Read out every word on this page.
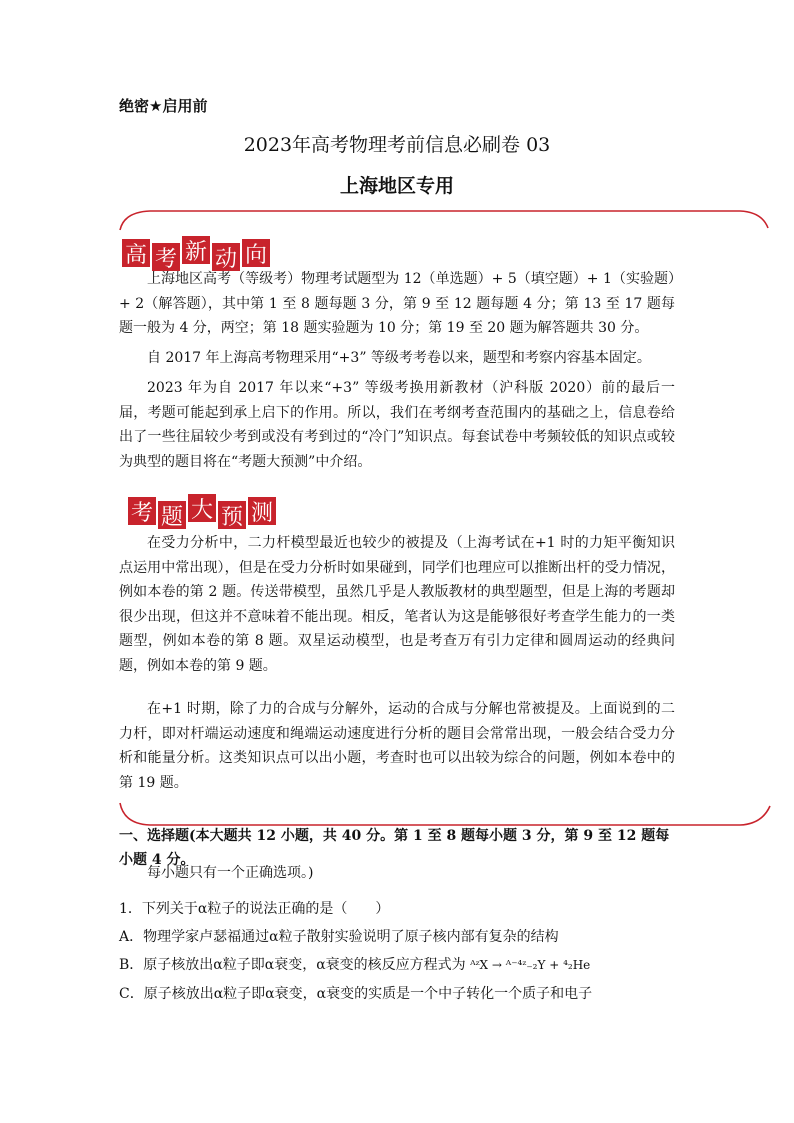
绝密★启用前
2023年高考物理考前信息必刷卷 03
上海地区专用
高 考 新 动 向

上海地区高考（等级考）物理考试题型为 12（单选题）+ 5（填空题）+ 1（实验题）+ 2（解答题），其中第 1 至 8 题每题 3 分，第 9 至 12 题每题 4 分；第 13 至 17 题每题一般为 4 分，两空；第 18 题实验题为 10 分；第 19 至 20 题为解答题共 30 分。

自 2017 年上海高考物理采用“+3” 等级考考卷以来，题型和考察内容基本固定。

2023 年为自 2017 年以来“+3” 等级考换用新教材（沪科版 2020）前的最后一届，考题可能起到承上启下的作用。所以，我们在考纲考查范围内的基础之上，信息卷给出了一些往届较少考到或没有考到过的“冷门”知识点。每套试卷中考频较低的知识点或较为典型的题目将在“考题大预测”中介绍。

考 题 大 预 测

在受力分析中，二力杆模型最近也较少的被提及（上海考试在+1 时的力矩平衡知识点运用中常出现），但是在受力分析时如果碰到，同学们也理应可以推断出杆的受力情况，例如本卷的第 2 题。传送带模型，虽然几乎是人教版教材的典型题型，但是上海的考题却很少出现，但这并不意味着不能出现。相反，笔者认为这是能够很好考查学生能力的一类题型，例如本卷的第 8 题。双星运动模型，也是考查万有引力定律和圆周运动的经典问题，例如本卷的第 9 题。

在+1 时期，除了力的合成与分解外，运动的合成与分解也常被提及。上面说到的二力杆，即对杆端运动速度和绳端运动速度进行分析的题目会常常出现，一般会结合受力分析和能量分析。这类知识点可以出小题，考查时也可以出较为综合的问题，例如本卷中的第 19 题。

一、选择题(本大题共 12 小题，共 40 分。第 1 至 8 题每小题 3 分，第 9 至 12 题每小题 4 分。

每小题只有一个正确选项。)

1．下列关于α粒子的说法正确的是（　　）

A．物理学家卢瑟福通过α粒子散射实验说明了原子核内部有复杂的结构

B．原子核放出α粒子即α衰变，α衰变的核反应方程式为 ᴬᶻX → ᴬ⁻⁴ᶻ₋₂Y + ⁴₂He

C．原子核放出α粒子即α衰变，α衰变的实质是一个中子转化一个质子和电子
